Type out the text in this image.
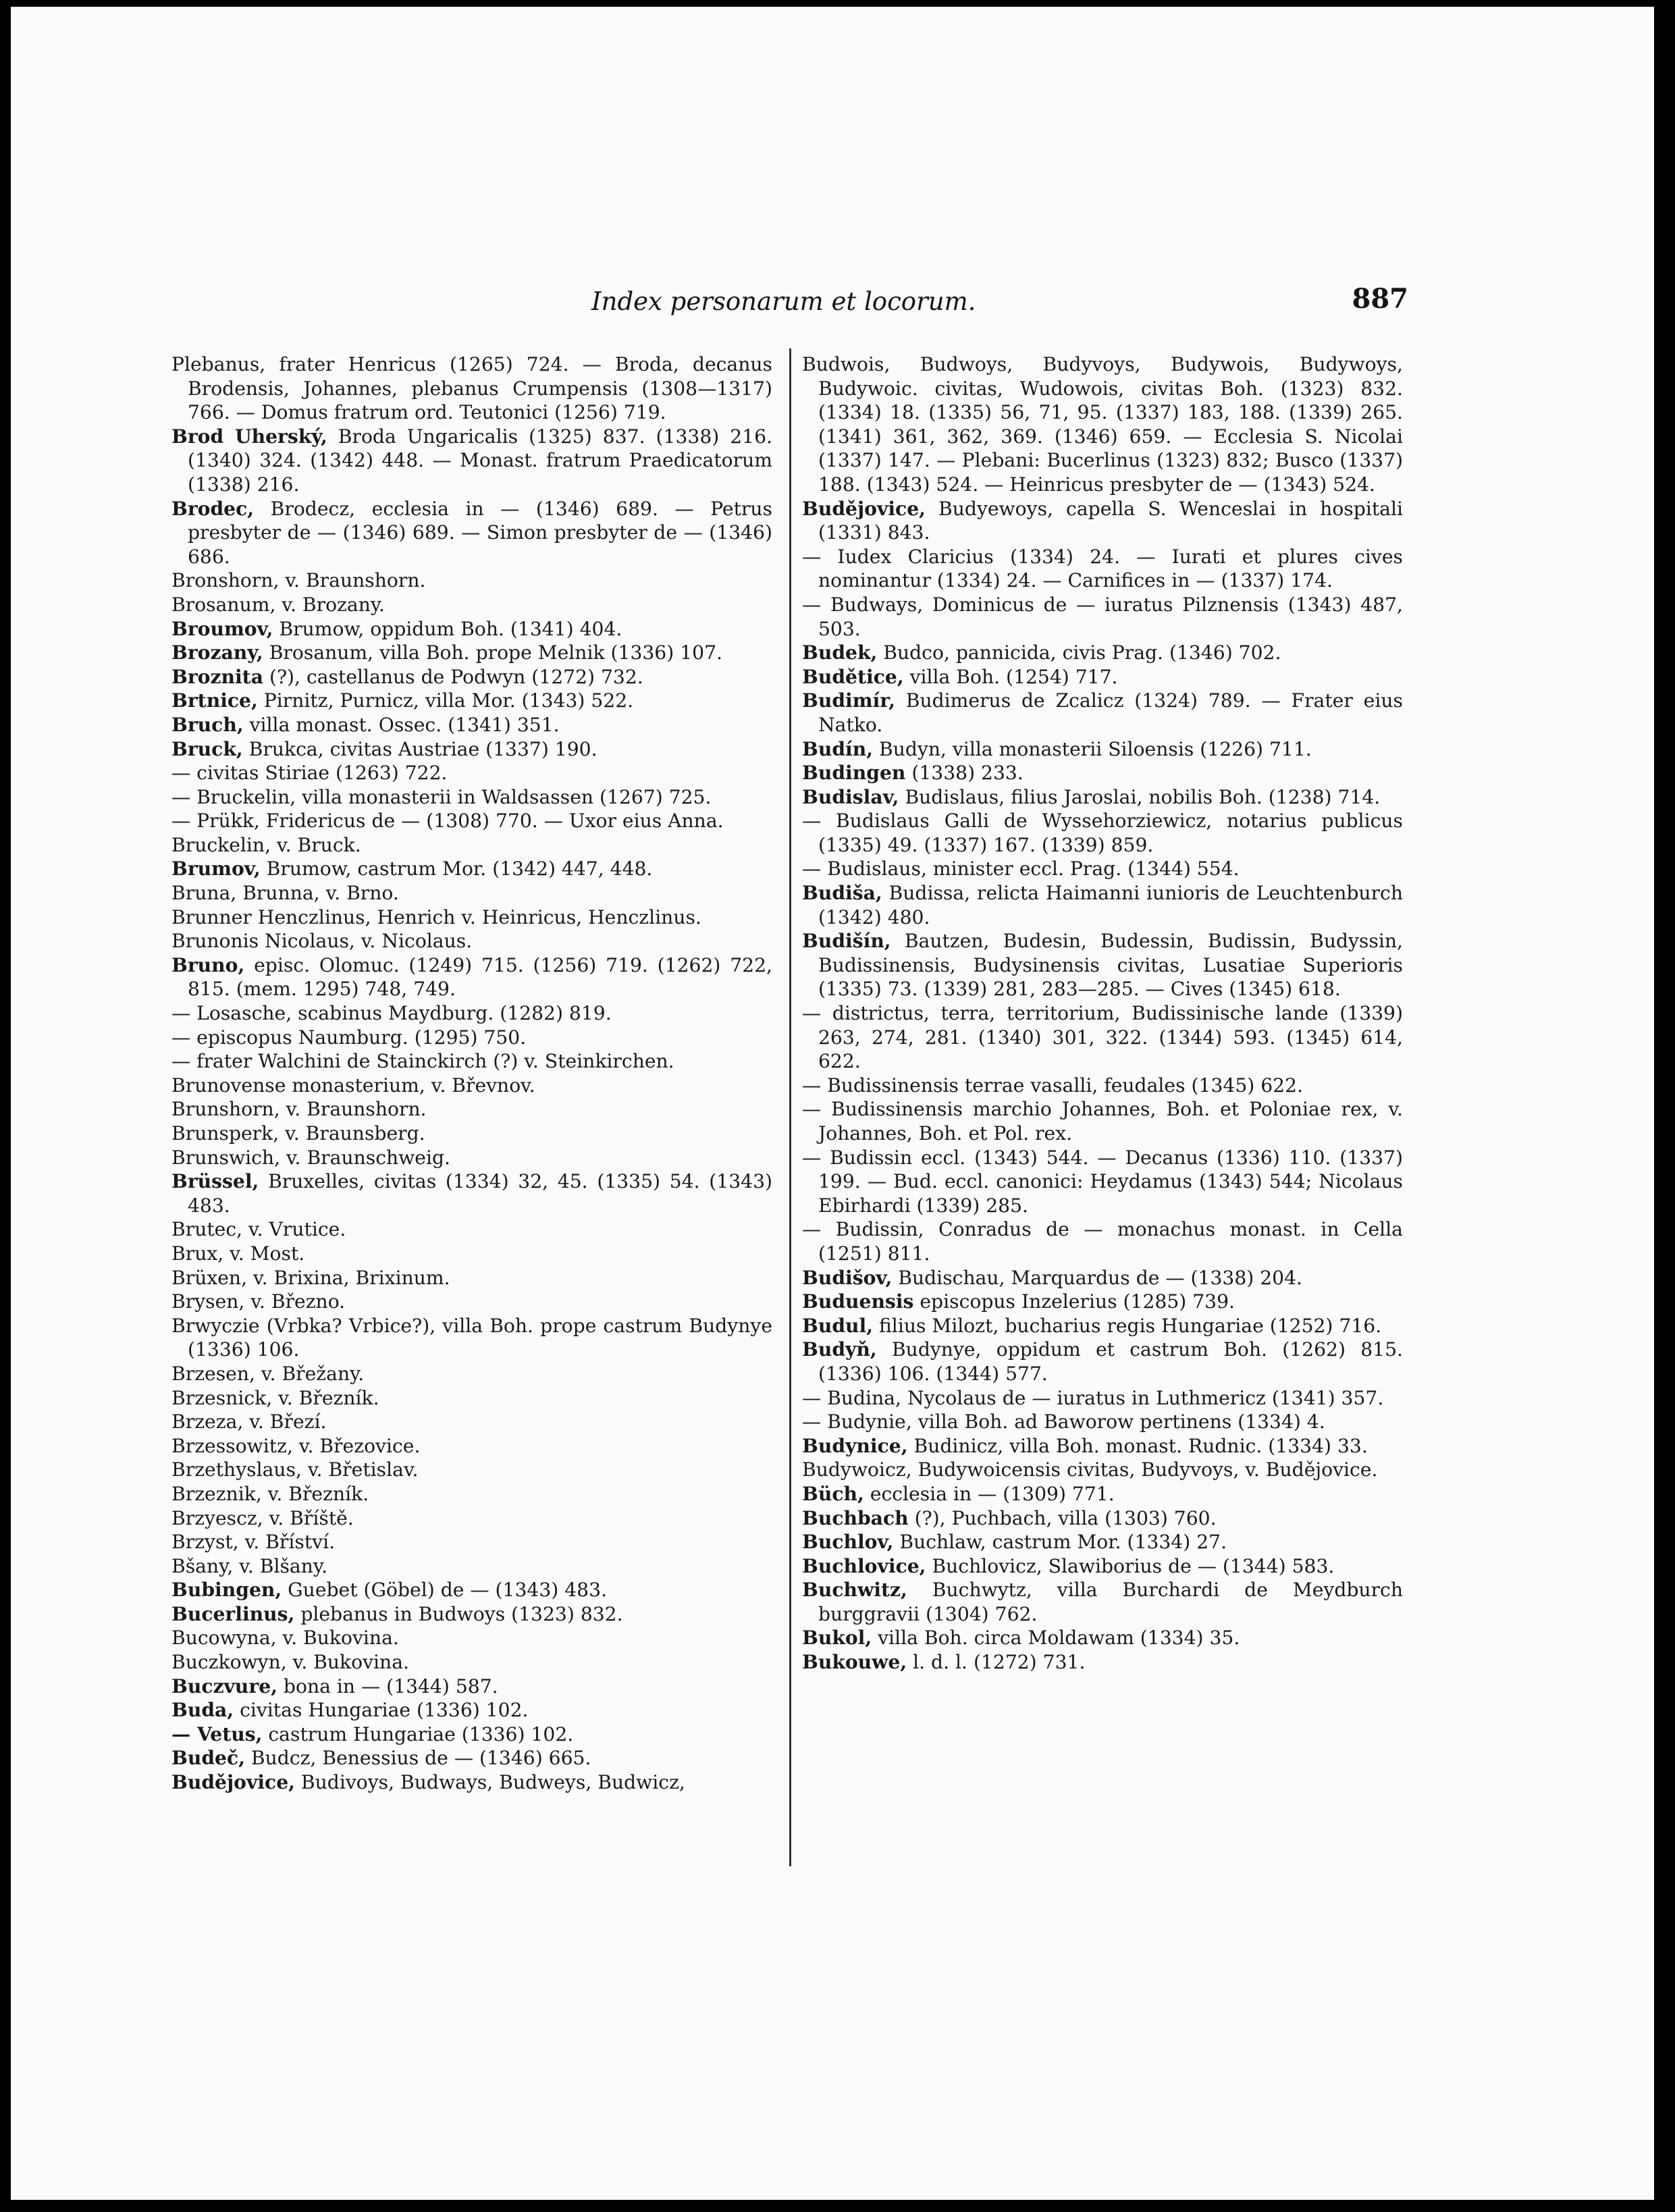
Index personarum et locorum.	887
Plebanus, frater Henricus (1265) 724. — Broda, decanus Brodensis, Johannes, plebanus Crumpensis (1308—1317) 766. — Domus fratrum ord. Teutonici (1256) 719.
Brod Uherský, Broda Ungaricalis (1325) 837. (1338) 216. (1340) 324. (1342) 448. — Monast. fratrum Praedicatorum (1338) 216.
Brodec, Brodecz, ecclesia in — (1346) 689. — Petrus presbyter de — (1346) 689. — Simon presbyter de — (1346) 686.
Bronshorn, v. Braunshorn.
Brosanum, v. Brozany.
Broumov, Brumow, oppidum Boh. (1341) 404.
Brozany, Brosanum, villa Boh. prope Melnik (1336) 107.
Broznita (?), castellanus de Podwyn (1272) 732.
Brtnice, Pirnitz, Purnicz, villa Mor. (1343) 522.
Bruch, villa monast. Ossec. (1341) 351.
Bruck, Brukca, civitas Austriae (1337) 190.
— civitas Stiriae (1263) 722.
— Bruckelin, villa monasterii in Waldsassen (1267) 725.
— Prükk, Fridericus de — (1308) 770. — Uxor eius Anna.
Bruckelin, v. Bruck.
Brumov, Brumow, castrum Mor. (1342) 447, 448.
Bruna, Brunna, v. Brno.
Brunner Henczlinus, Henrich v. Heinricus, Henczlinus.
Brunonis Nicolaus, v. Nicolaus.
Bruno, episc. Olomuc. (1249) 715. (1256) 719. (1262) 722, 815. (mem. 1295) 748, 749.
— Losasche, scabinus Maydburg. (1282) 819.
— episcopus Naumburg. (1295) 750.
— frater Walchini de Stainckirch (?) v. Steinkirchen.
Brunovense monasterium, v. Břevnov.
Brunshorn, v. Braunshorn.
Brunsperk, v. Braunsberg.
Brunswich, v. Braunschweig.
Brüssel, Bruxelles, civitas (1334) 32, 45. (1335) 54. (1343) 483.
Brutec, v. Vrutice.
Brux, v. Most.
Brüxen, v. Brixina, Brixinum.
Brysen, v. Březno.
Brwyczie (Vrbka? Vrbice?), villa Boh. prope castrum Budynye (1336) 106.
Brzesen, v. Břežany.
Brzesnick, v. Březník.
Brzeza, v. Březí.
Brzessowitz, v. Březovice.
Brzethyslaus, v. Břetislav.
Brzeznik, v. Březník.
Brzyescz, v. Bříště.
Brzyst, v. Bříství.
Bšany, v. Blšany.
Bubingen, Guebet (Göbel) de — (1343) 483.
Bucerlinus, plebanus in Budwoys (1323) 832.
Bucowyna, v. Bukovina.
Buczkowyn, v. Bukovina.
Buczvure, bona in — (1344) 587.
Buda, civitas Hungariae (1336) 102.
— Vetus, castrum Hungariae (1336) 102.
Budeč, Budcz, Benessius de — (1346) 665.
Budějovice, Budivoys, Budways, Budweys, Budwicz,
Budwois, Budwoys, Budyvoys, Budywois, Budywoys, Budywoic. civitas, Wudowois, civitas Boh. (1323) 832. (1334) 18. (1335) 56, 71, 95. (1337) 183, 188. (1339) 265. (1341) 361, 362, 369. (1346) 659. — Ecclesia S. Nicolai (1337) 147. — Plebani: Bucerlinus (1323) 832; Busco (1337) 188. (1343) 524. — Heinricus presbyter de — (1343) 524.
Budějovice, Budyewoys, capella S. Wenceslai in hospitali (1331) 843.
— Iudex Claricius (1334) 24. — Iurati et plures cives nominantur (1334) 24. — Carnifices in — (1337) 174.
— Budways, Dominicus de — iuratus Pilznensis (1343) 487, 503.
Budek, Budco, pannicida, civis Prag. (1346) 702.
Budětice, villa Boh. (1254) 717.
Budimír, Budimerus de Zcalicz (1324) 789. — Frater eius Natko.
Budín, Budyn, villa monasterii Siloensis (1226) 711.
Budingen (1338) 233.
Budislav, Budislaus, filius Jaroslai, nobilis Boh. (1238) 714.
— Budislaus Galli de Wyssehorziewicz, notarius publicus (1335) 49. (1337) 167. (1339) 859.
— Budislaus, minister eccl. Prag. (1344) 554.
Budiša, Budissa, relicta Haimanni iunioris de Leuchtenburch (1342) 480.
Budišín, Bautzen, Budesin, Budessin, Budissin, Budyssin, Budissinensis, Budysinensis civitas, Lusatiae Superioris (1335) 73. (1339) 281, 283—285. — Cives (1345) 618.
— districtus, terra, territorium, Budissinische lande (1339) 263, 274, 281. (1340) 301, 322. (1344) 593. (1345) 614, 622.
— Budissinensis terrae vasalli, feudales (1345) 622.
— Budissinensis marchio Johannes, Boh. et Poloniae rex, v. Johannes, Boh. et Pol. rex.
— Budissin eccl. (1343) 544. — Decanus (1336) 110. (1337) 199. — Bud. eccl. canonici: Heydamus (1343) 544; Nicolaus Ebirhardi (1339) 285.
— Budissin, Conradus de — monachus monast. in Cella (1251) 811.
Budišov, Budischau, Marquardus de — (1338) 204.
Buduensis episcopus Inzelerius (1285) 739.
Budul, filius Milozt, bucharius regis Hungariae (1252) 716.
Budyň, Budynye, oppidum et castrum Boh. (1262) 815. (1336) 106. (1344) 577.
— Budina, Nycolaus de — iuratus in Luthmericz (1341) 357.
— Budynie, villa Boh. ad Baworow pertinens (1334) 4.
Budynice, Budinicz, villa Boh. monast. Rudnic. (1334) 33.
Budywoicz, Budywoicensis civitas, Budyvoys, v. Budějovice.
Büch, ecclesia in — (1309) 771.
Buchbach (?), Puchbach, villa (1303) 760.
Buchlov, Buchlaw, castrum Mor. (1334) 27.
Buchlovice, Buchlovicz, Slawiborius de — (1344) 583.
Buchwitz, Buchwytz, villa Burchardi de Meydburch burggravii (1304) 762.
Bukol, villa Boh. circa Moldawam (1334) 35.
Bukouwe, l. d. l. (1272) 731.
